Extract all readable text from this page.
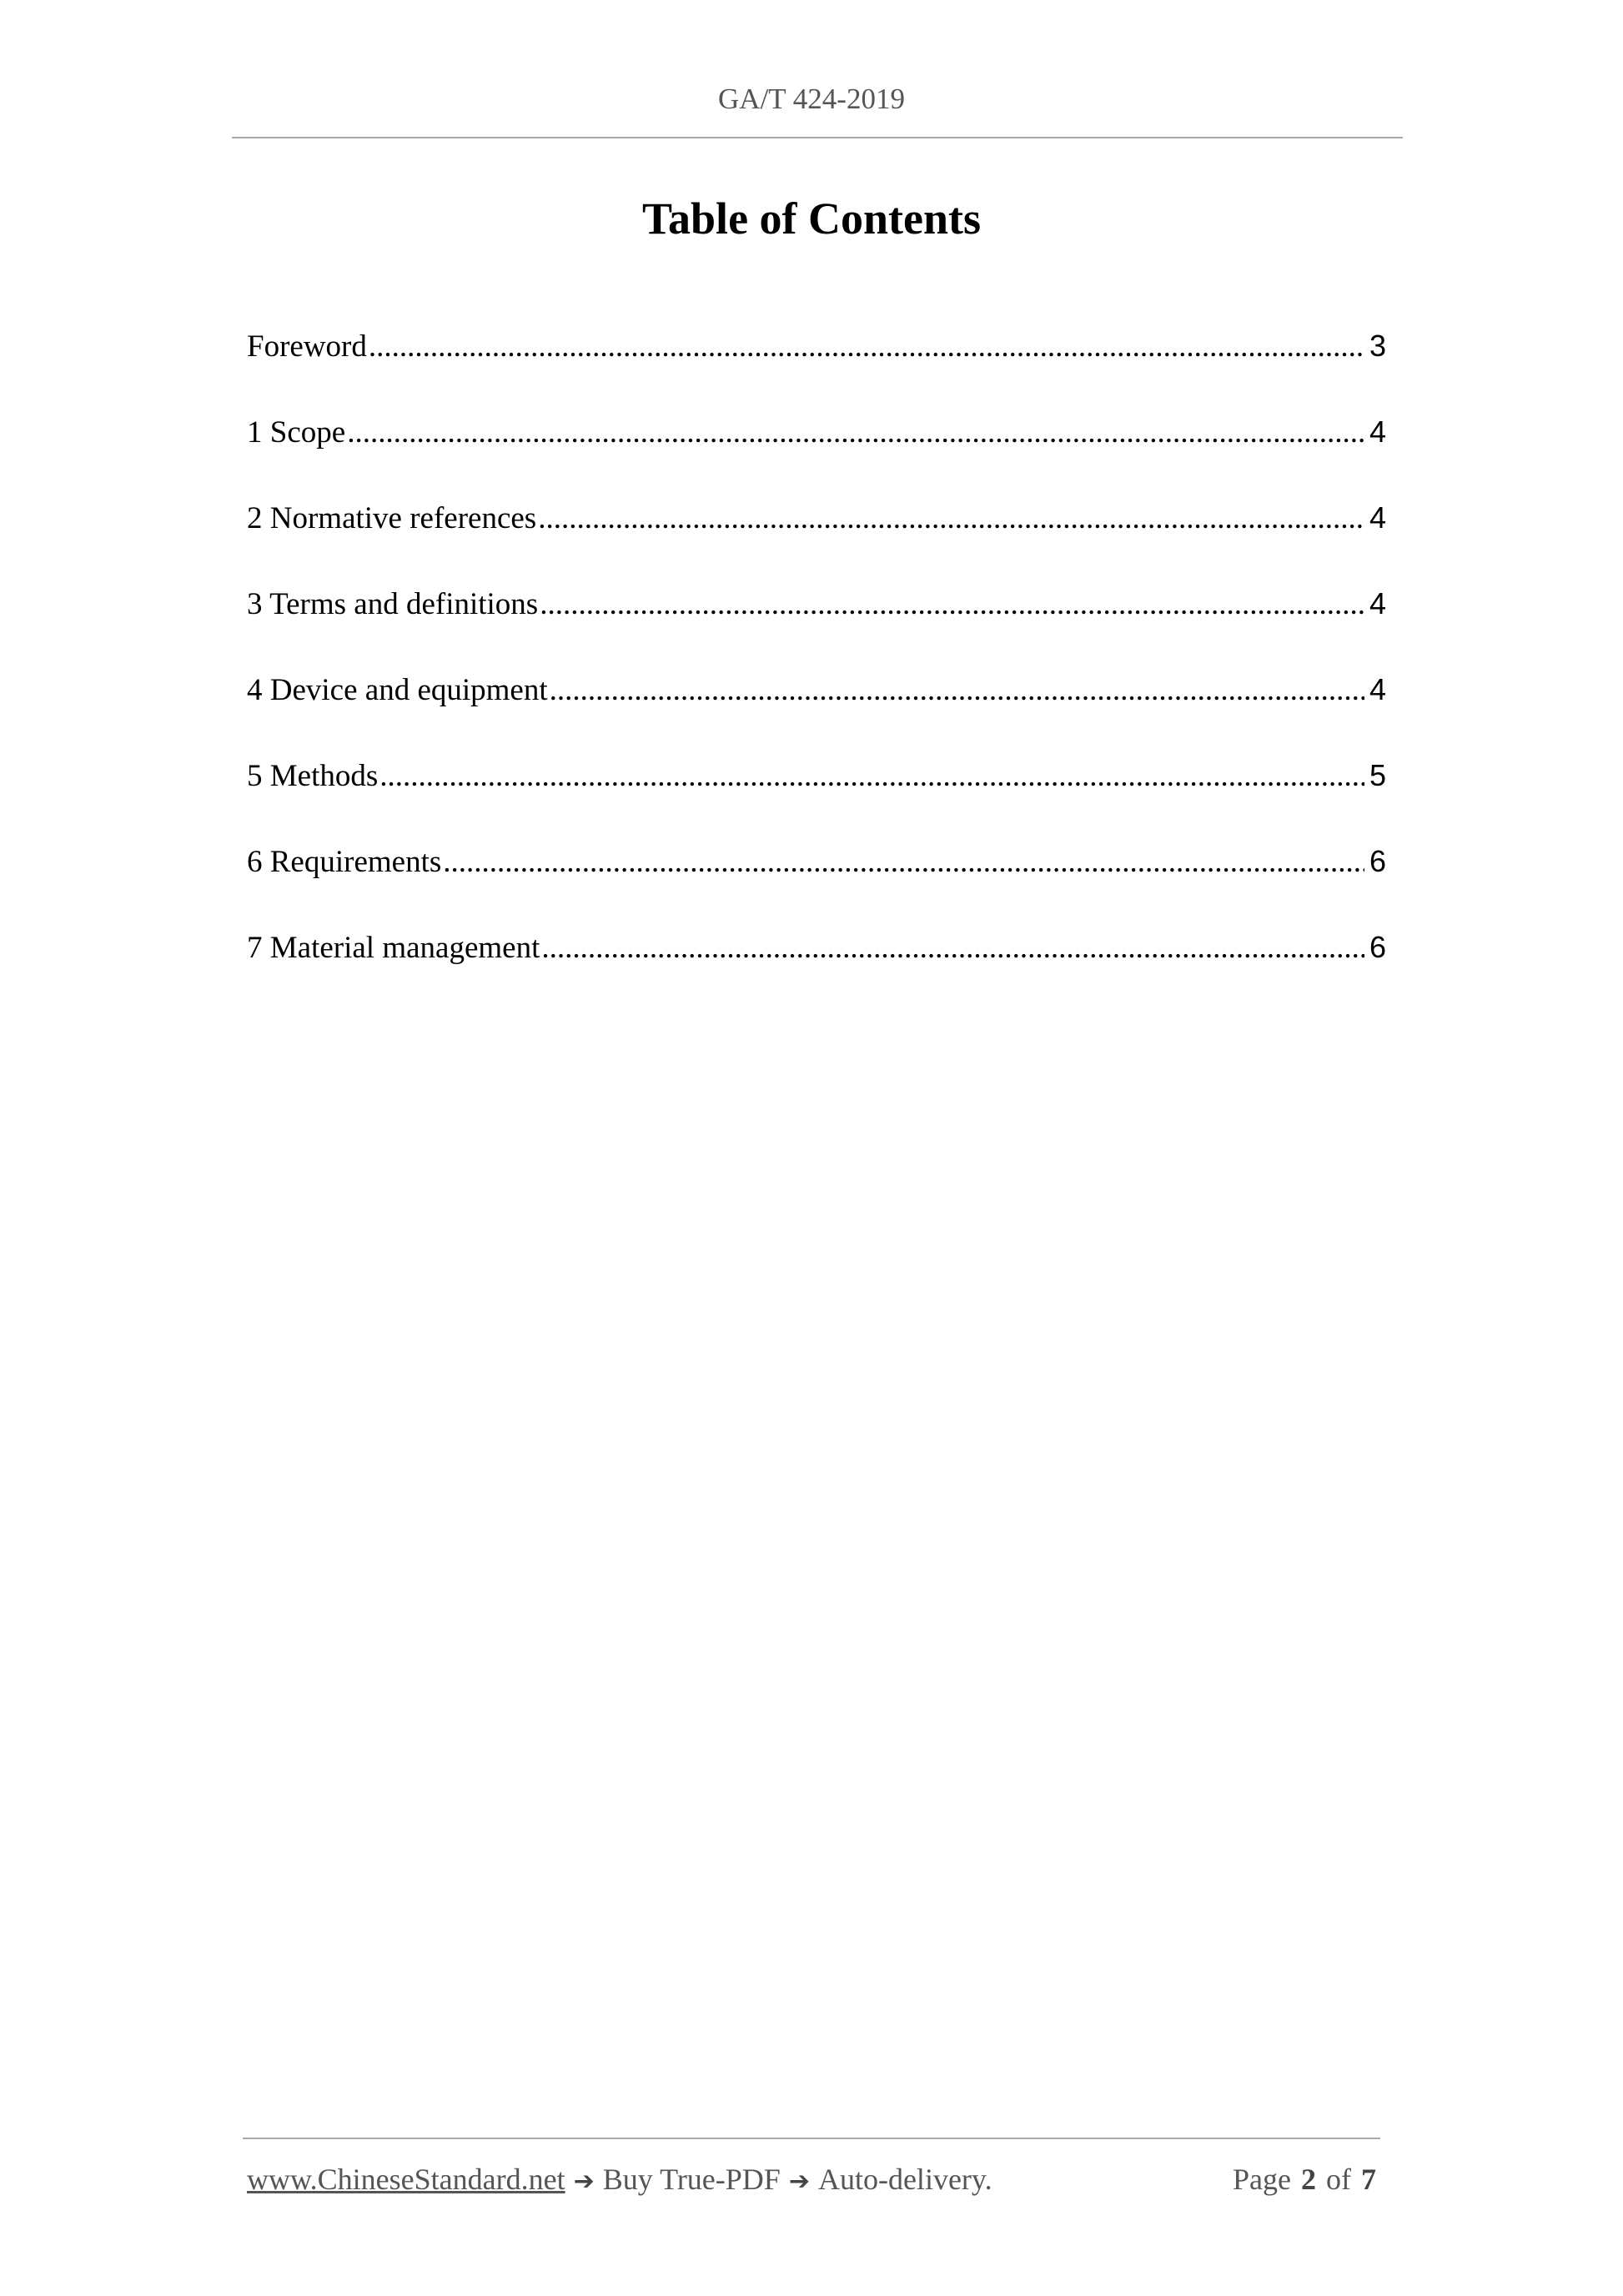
GA/T 424-2019
Table of Contents
Foreword .....	3
1 Scope .....	4
2 Normative references .....	4
3 Terms and definitions .....	4
4 Device and equipment .....	4
5 Methods .....	5
6 Requirements .....	6
7 Material management .....	6
www.ChineseStandard.net ➔ Buy True-PDF ➔ Auto-delivery.	Page 2 of 7
